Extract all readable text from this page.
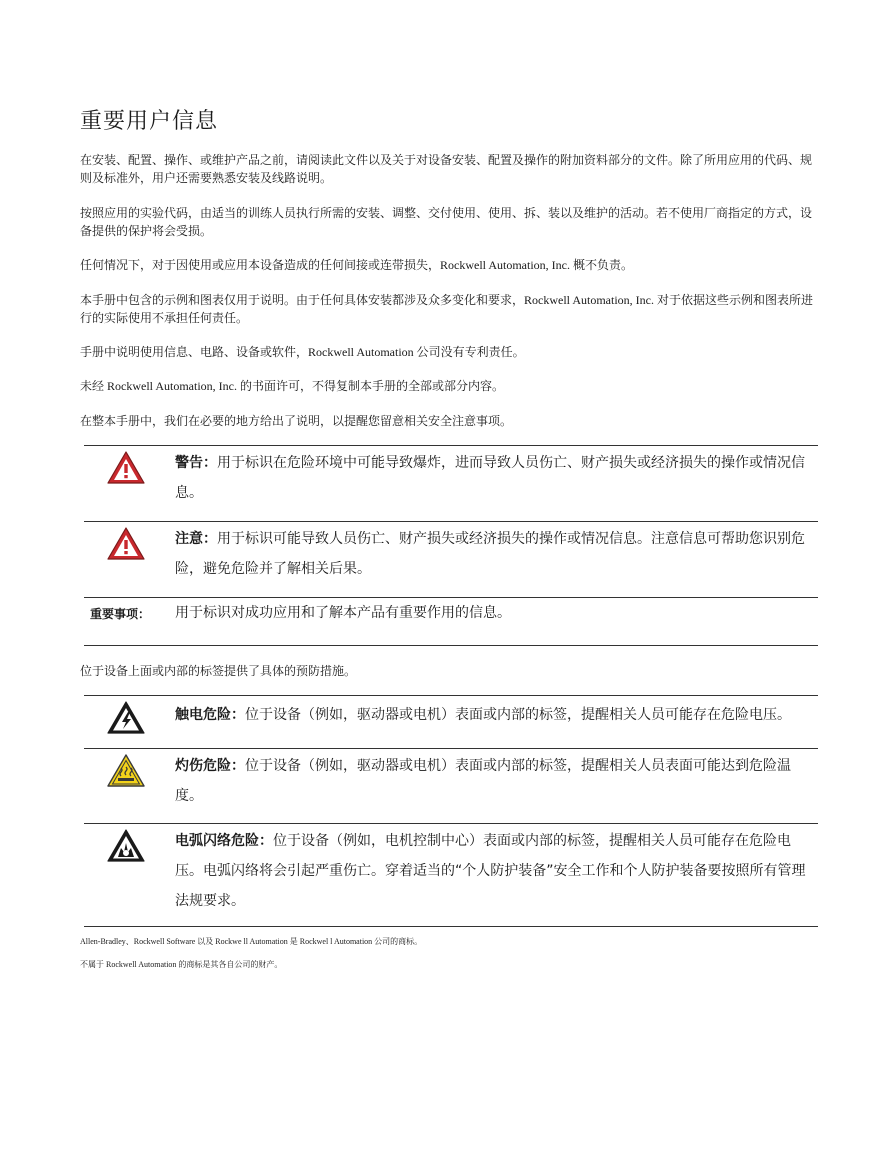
重要用户信息

在安装、配置、操作、或维护产品之前，请阅读此文件以及关于对设备安装、配置及操作的附加资料部分的文件。除了所用应用的代码、规则及标准外，用户还需要熟悉安装及线路说明。

按照应用的实验代码，由适当的训练人员执行所需的安装、调整、交付使用、使用、拆、装以及维护的活动。若不使用厂商指定的方式，设备提供的保护将会受损。

任何情况下，对于因使用或应用本设备造成的任何间接或连带损失，Rockwell Automation, Inc. 概不负责。

本手册中包含的示例和图表仅用于说明。由于任何具体安装都涉及众多变化和要求，Rockwell Automation, Inc. 对于依据这些示例和图表所进行的实际使用不承担任何责任。

手册中说明使用信息、电路、设备或软件，Rockwell Automation 公司没有专利责任。

未经 Rockwell Automation, Inc. 的书面许可，不得复制本手册的全部或部分内容。

在整本手册中，我们在必要的地方给出了说明，以提醒您留意相关安全注意事项。

警告：用于标识在危险环境中可能导致爆炸，进而导致人员伤亡、财产损失或经济损失的操作或情况信息。
注意：用于标识可能导致人员伤亡、财产损失或经济损失的操作或情况信息。注意信息可帮助您识别危险，避免危险并了解相关后果。
重要事项： 用于标识对成功应用和了解本产品有重要作用的信息。

位于设备上面或内部的标签提供了具体的预防措施。

触电危险：位于设备（例如，驱动器或电机）表面或内部的标签，提醒相关人员可能存在危险电压。
灼伤危险：位于设备（例如，驱动器或电机）表面或内部的标签，提醒相关人员表面可能达到危险温度。
电弧闪络危险：位于设备（例如，电机控制中心）表面或内部的标签，提醒相关人员可能存在危险电压。电弧闪络将会引起严重伤亡。穿着适当的“个人防护装备”安全工作和个人防护装备要按照所有管理法规要求。
Allen-Bradley、Rockwell Software 以及 Rockwe ll Automation 是 Rockwel l Automation 公司的商标。
不属于 Rockwell Automation 的商标是其各自公司的财产。
